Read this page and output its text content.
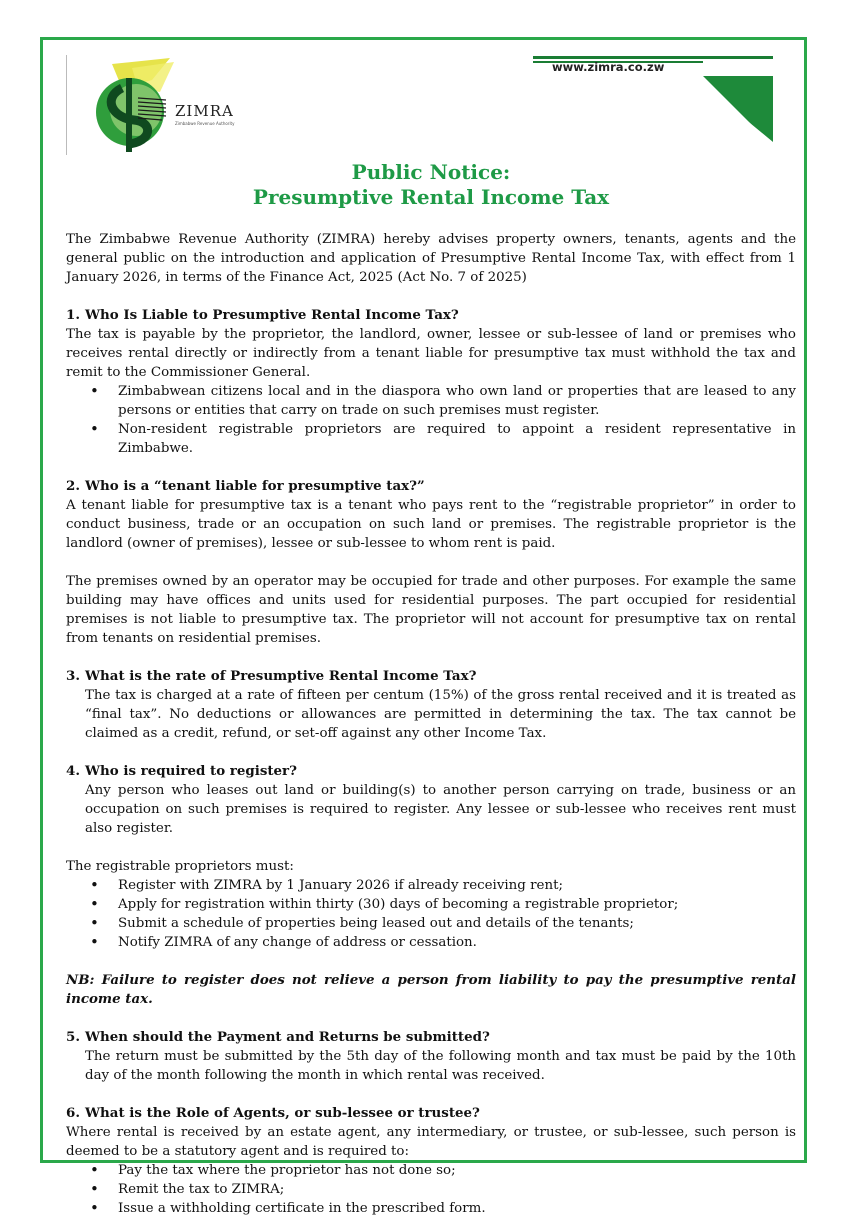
ZIMRA
Zimbabwe Revenue Authority
www.zimra.co.zw
Public Notice:
Presumptive Rental Income Tax

The Zimbabwe Revenue Authority (ZIMRA) hereby advises property owners, tenants, agents and the general public on the introduction and application of Presumptive Rental Income Tax, with effect from 1 January 2026, in terms of the Finance Act, 2025 (Act No. 7 of 2025)

1. Who Is Liable to Presumptive Rental Income Tax?

The tax is payable by the proprietor, the landlord, owner, lessee or sub-lessee of land or premises who receives rental directly or indirectly from a tenant liable for presumptive tax must withhold the tax and remit to the Commissioner General.

• Zimbabwean citizens local and in the diaspora who own land or properties that are leased to any persons or entities that carry on trade on such premises must register.
• Non-resident registrable proprietors are required to appoint a resident representative in Zimbabwe.
2. Who is a “tenant liable for presumptive tax?”

A tenant liable for presumptive tax is a tenant who pays rent to the “registrable proprietor” in order to conduct business, trade or an occupation on such land or premises. The registrable proprietor is the landlord (owner of premises), lessee or sub-lessee to whom rent is paid.

The premises owned by an operator may be occupied for trade and other purposes. For example the same building may have offices and units used for residential purposes. The part occupied for residential premises is not liable to presumptive tax. The proprietor will not account for presumptive tax on rental from tenants on residential premises.

3. What is the rate of Presumptive Rental Income Tax?

The tax is charged at a rate of fifteen per centum (15%) of the gross rental received and it is treated as “final tax”. No deductions or allowances are permitted in determining the tax. The tax cannot be claimed as a credit, refund, or set-off against any other Income Tax.

4. Who is required to register?

Any person who leases out land or building(s) to another person carrying on trade, business or an occupation on such premises is required to register. Any lessee or sub-lessee who receives rent must also register.

The registrable proprietors must:

• Register with ZIMRA by 1 January 2026 if already receiving rent;
• Apply for registration within thirty (30) days of becoming a registrable proprietor;
• Submit a schedule of properties being leased out and details of the tenants;
• Notify ZIMRA of any change of address or cessation.

NB: Failure to register does not relieve a person from liability to pay the presumptive rental income tax.

5. When should the Payment and Returns be submitted?

The return must be submitted by the 5th day of the following month and tax must be paid by the 10th day of the month following the month in which rental was received.

6. What is the Role of Agents, or sub-lessee or trustee?

Where rental is received by an estate agent, any intermediary, or trustee, or sub-lessee, such person is deemed to be a statutory agent and is required to:

• Pay the tax where the proprietor has not done so;
• Remit the tax to ZIMRA;
• Issue a withholding certificate in the prescribed form.
